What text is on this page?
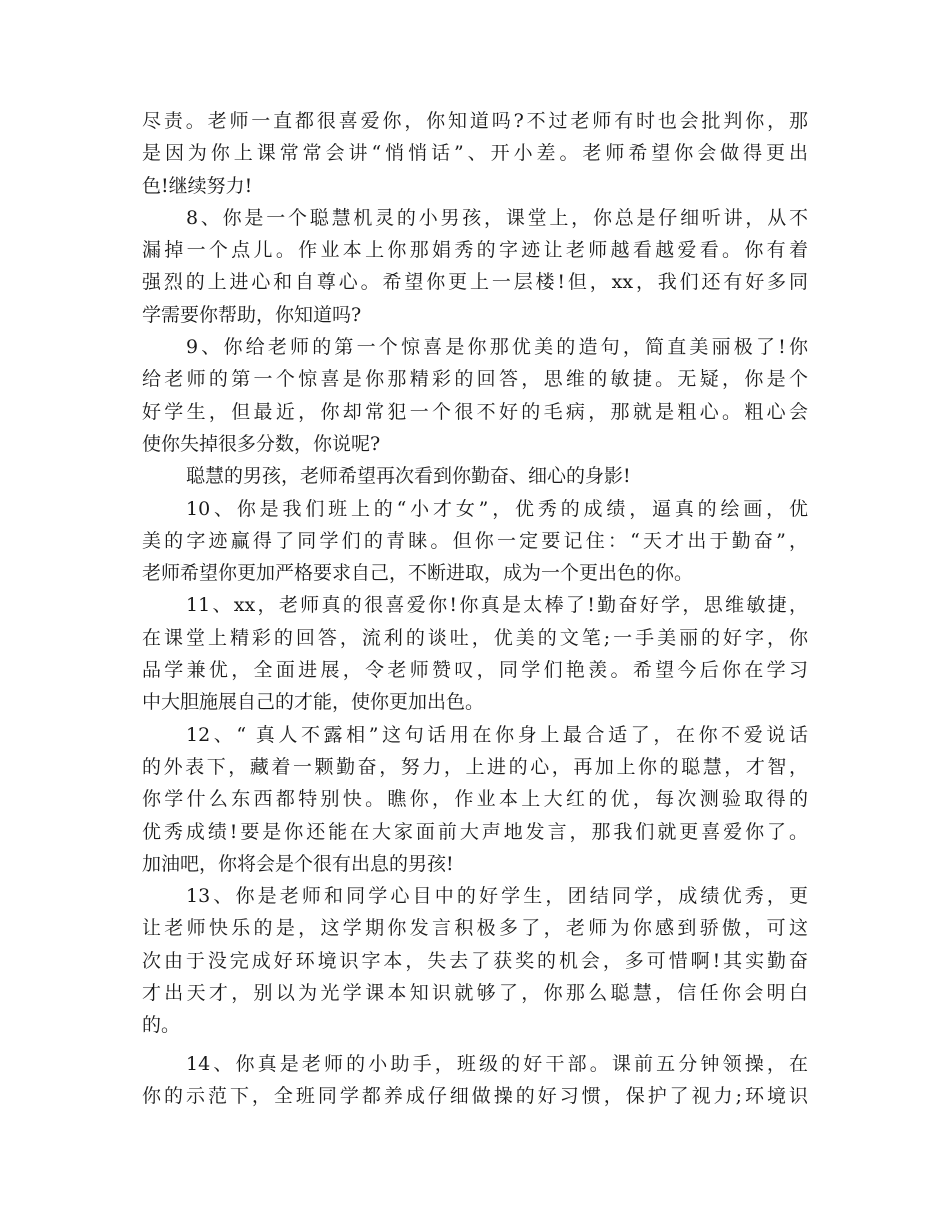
尽责。老师一直都很喜爱你，你知道吗?不过老师有时也会批判你，那
是因为你上课常常会讲“悄悄话”、开小差。老师希望你会做得更出
色!继续努力!
8、你是一个聪慧机灵的小男孩，课堂上，你总是仔细听讲，从不
漏掉一个点儿。作业本上你那娟秀的字迹让老师越看越爱看。你有着
强烈的上进心和自尊心。希望你更上一层楼!但，xx，我们还有好多同
学需要你帮助，你知道吗?
9、你给老师的第一个惊喜是你那优美的造句，简直美丽极了!你
给老师的第一个惊喜是你那精彩的回答，思维的敏捷。无疑，你是个
好学生，但最近，你却常犯一个很不好的毛病，那就是粗心。粗心会
使你失掉很多分数，你说呢?
聪慧的男孩，老师希望再次看到你勤奋、细心的身影!
10、你是我们班上的“小才女”，优秀的成绩，逼真的绘画，优
美的字迹赢得了同学们的青睐。但你一定要记住：“天才出于勤奋”，
老师希望你更加严格要求自己，不断进取，成为一个更出色的你。
11、xx，老师真的很喜爱你!你真是太棒了!勤奋好学，思维敏捷，
在课堂上精彩的回答，流利的谈吐，优美的文笔;一手美丽的好字，你
品学兼优，全面进展，令老师赞叹，同学们艳羡。希望今后你在学习
中大胆施展自己的才能，使你更加出色。
12、“ 真人不露相”这句话用在你身上最合适了，在你不爱说话
的外表下，藏着一颗勤奋，努力，上进的心，再加上你的聪慧，才智，
你学什么东西都特别快。瞧你，作业本上大红的优，每次测验取得的
优秀成绩!要是你还能在大家面前大声地发言，那我们就更喜爱你了。
加油吧，你将会是个很有出息的男孩!
13、你是老师和同学心目中的好学生，团结同学，成绩优秀，更
让老师快乐的是，这学期你发言积极多了，老师为你感到骄傲，可这
次由于没完成好环境识字本，失去了获奖的机会，多可惜啊!其实勤奋
才出天才，别以为光学课本知识就够了，你那么聪慧，信任你会明白
的。
14、你真是老师的小助手，班级的好干部。课前五分钟领操，在
你的示范下，全班同学都养成仔细做操的好习惯，保护了视力;环境识
